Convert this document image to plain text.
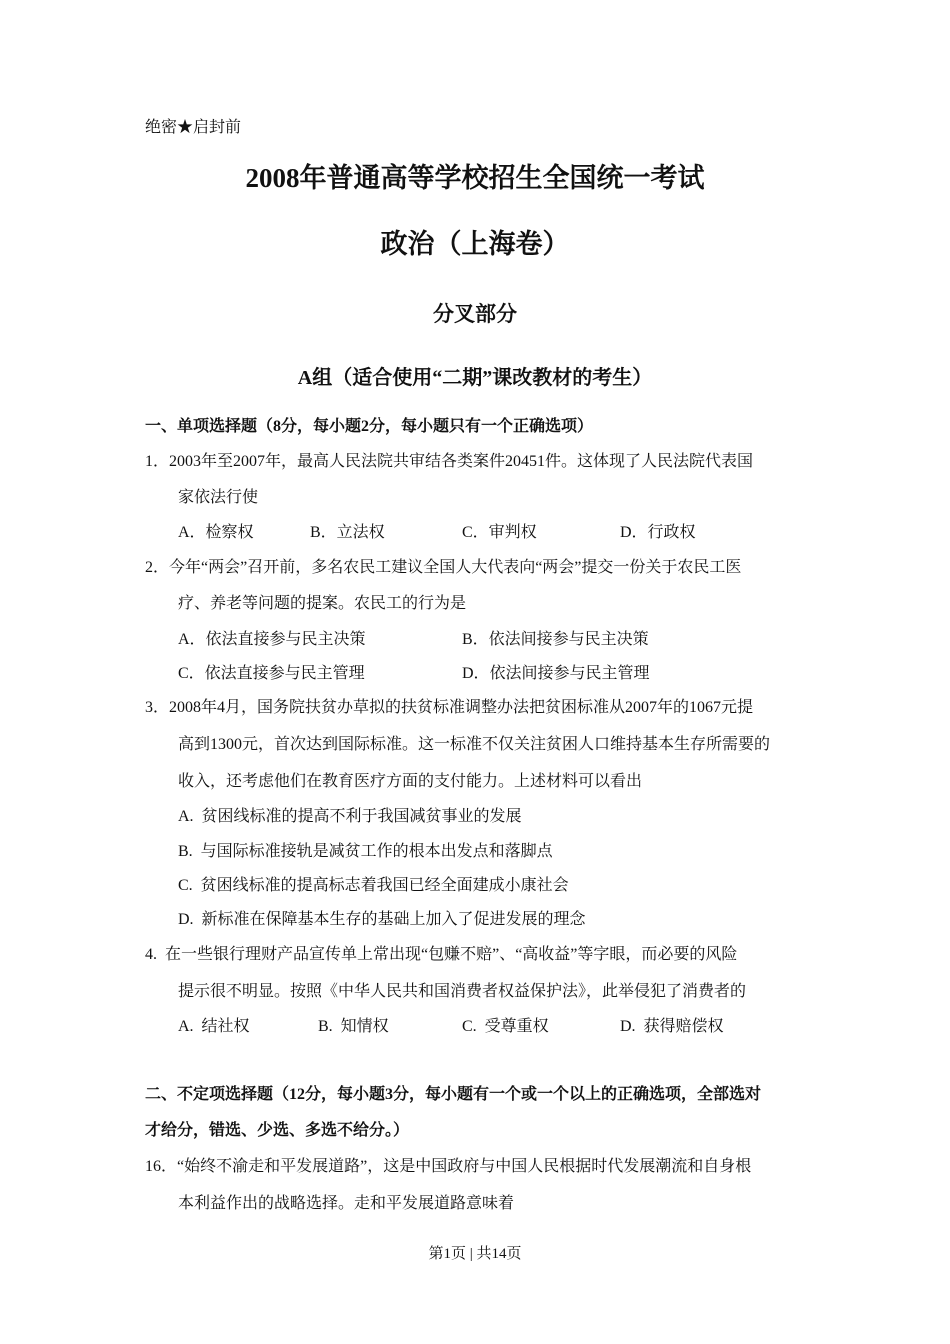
绝密★启封前
2008年普通高等学校招生全国统一考试
政治（上海卷）
分叉部分
A组（适合使用“二期”课改教材的考生）
一、单项选择题（8分，每小题2分，每小题只有一个正确选项）
1．2003年至2007年，最高人民法院共审结各类案件20451件。这体现了人民法院代表国
家依法行使
A．检察权	B．立法权	C．审判权	D．行政权
2．今年“两会”召开前，多名农民工建议全国人大代表向“两会”提交一份关于农民工医
疗、养老等问题的提案。农民工的行为是
A．依法直接参与民主决策	B．依法间接参与民主决策
C．依法直接参与民主管理	D．依法间接参与民主管理
3．2008年4月，国务院扶贫办草拟的扶贫标准调整办法把贫困标准从2007年的1067元提
高到1300元，首次达到国际标准。这一标准不仅关注贫困人口维持基本生存所需要的
收入，还考虑他们在教育医疗方面的支付能力。上述材料可以看出
A.  贫困线标准的提高不利于我国减贫事业的发展
B.  与国际标准接轨是减贫工作的根本出发点和落脚点
C.  贫困线标准的提高标志着我国已经全面建成小康社会
D.  新标准在保障基本生存的基础上加入了促进发展的理念
4.  在一些银行理财产品宣传单上常出现“包赚不赔”、“高收益”等字眼，而必要的风险
提示很不明显。按照《中华人民共和国消费者权益保护法》，此举侵犯了消费者的
A.  结社权	B.  知情权	C.  受尊重权	D.  获得赔偿权
二、不定项选择题（12分，每小题3分，每小题有一个或一个以上的正确选项，全部选对
才给分，错选、少选、多选不给分。）
16．“始终不渝走和平发展道路”，这是中国政府与中国人民根据时代发展潮流和自身根
本利益作出的战略选择。走和平发展道路意味着
第1页 | 共14页
